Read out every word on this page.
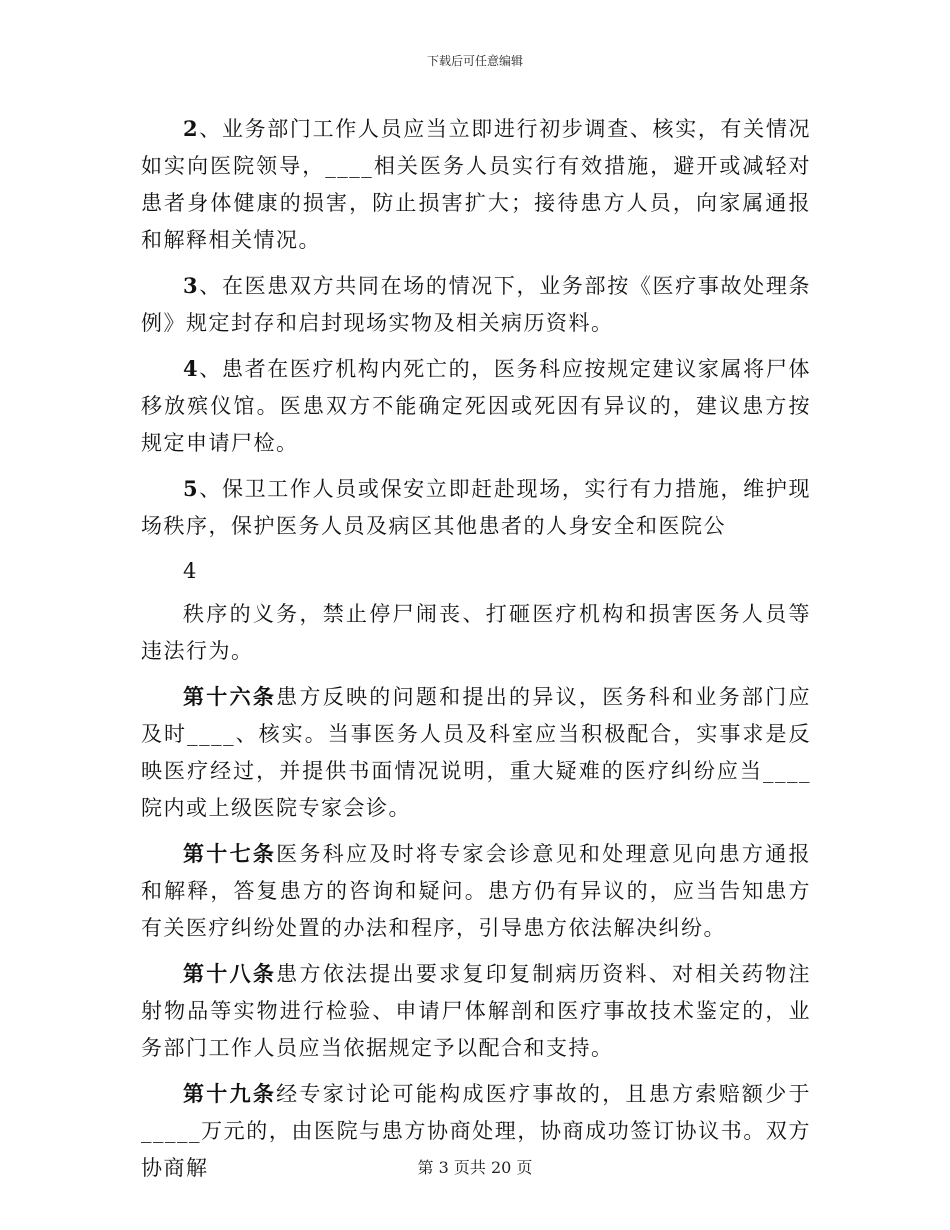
下载后可任意编辑

2、业务部门工作人员应当立即进行初步调查、核实，有关情况如实向医院领导，____相关医务人员实行有效措施，避开或减轻对患者身体健康的损害，防止损害扩大；接待患方人员，向家属通报和解释相关情况。

3、在医患双方共同在场的情况下，业务部按《医疗事故处理条例》规定封存和启封现场实物及相关病历资料。

4、患者在医疗机构内死亡的，医务科应按规定建议家属将尸体移放殡仪馆。医患双方不能确定死因或死因有异议的，建议患方按规定申请尸检。

5、保卫工作人员或保安立即赶赴现场，实行有力措施，维护现场秩序，保护医务人员及病区其他患者的人身安全和医院公

4

秩序的义务，禁止停尸闹丧、打砸医疗机构和损害医务人员等违法行为。

第十六条患方反映的问题和提出的异议，医务科和业务部门应及时____、核实。当事医务人员及科室应当积极配合，实事求是反映医疗经过，并提供书面情况说明，重大疑难的医疗纠纷应当____院内或上级医院专家会诊。

第十七条医务科应及时将专家会诊意见和处理意见向患方通报和解释，答复患方的咨询和疑问。患方仍有异议的，应当告知患方有关医疗纠纷处置的办法和程序，引导患方依法解决纠纷。

第十八条患方依法提出要求复印复制病历资料、对相关药物注射物品等实物进行检验、申请尸体解剖和医疗事故技术鉴定的，业务部门工作人员应当依据规定予以配合和支持。

第十九条经专家讨论可能构成医疗事故的，且患方索赔额少于_____万元的，由医院与患方协商处理，协商成功签订协议书。双方协商解	第 3 页共 20 页
